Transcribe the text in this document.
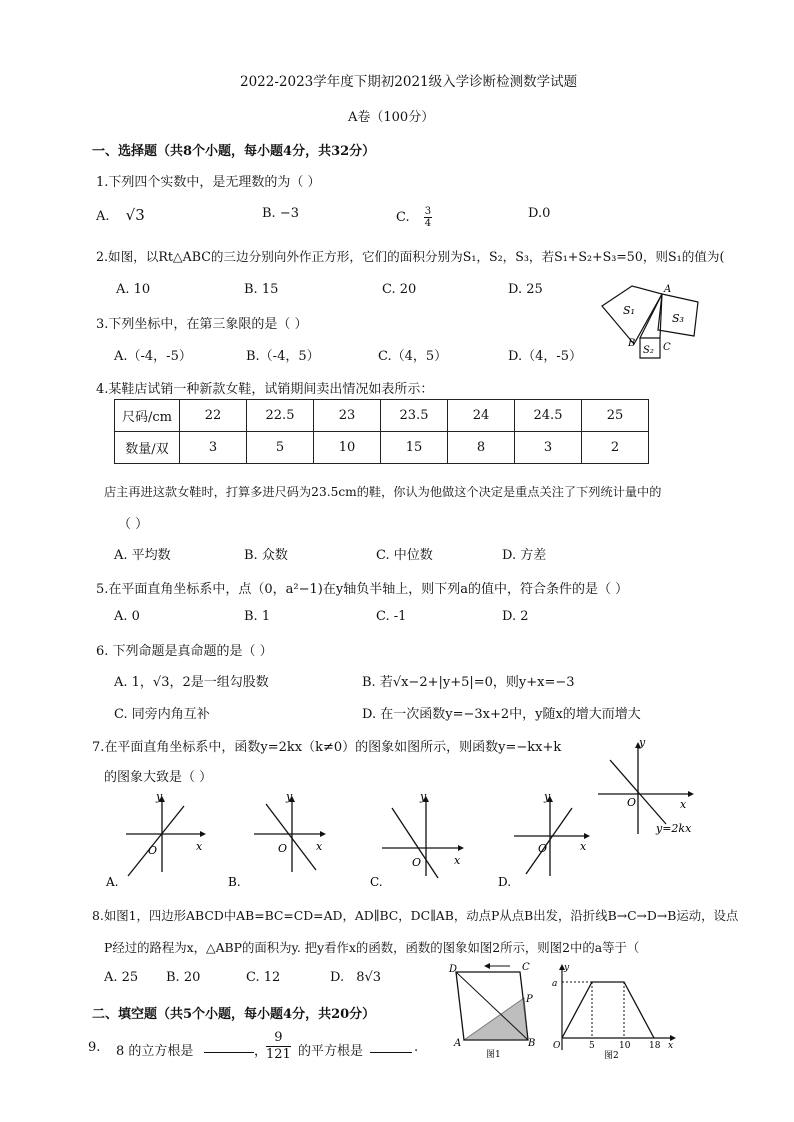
2022-2023学年度下期初2021级入学诊断检测数学试题
A卷（100分）
一、选择题（共8个小题，每小题4分，共32分）
1.下列四个实数中，是无理数的为（ ）
A. √3	B. −3	C. $\frac{3}{4}$	D.0
2.如图，以Rt△ABC的三边分别向外作正方形，它们的面积分别为S₁，S₂，S₃，若S₁+S₂+S₃=50，则S₁的值为(
A. 10	B. 15	C. 20	D. 25
S₁
S₃
S₂
A
B	C
3.下列坐标中，在第三象限的是（ ）
A.（-4，-5）	B.（-4，5）	C.（4，5）	D.（4，-5）
4.某鞋店试销一种新款女鞋，试销期间卖出情况如表所示：
尺码/cm	22	22.5	23	23.5	24	24.5	25
数量/双	3	5	10	15	8	3	2
店主再进这款女鞋时，打算多进尺码为23.5cm的鞋，你认为他做这个决定是重点关注了下列统计量中的
（ ）
A. 平均数	B. 众数	C. 中位数	D. 方差
5.在平面直角坐标系中，点（0，a²−1)在y轴负半轴上，则下列a的值中，符合条件的是（ ）
A. 0	B. 1	C. -1	D. 2
6. 下列命题是真命题的是（ ）
A. 1，√3，2是一组勾股数	B. 若√x−2+|y+5|=0，则y+x=−3
C. 同旁内角互补	D. 在一次函数y=−3x+2中，y随x的增大而增大
7.在平面直角坐标系中，函数y=2kx（k≠0）的图象如图所示，则函数y=−kx+k
的图象大致是（ ）
y
x
O
y=2kx
y
x
O
A.
y
x
O
B.
y
x
O
C.
y
x
O
D.
8.如图1，四边形ABCD中AB=BC=CD=AD，AD∥BC，DC∥AB，动点P从点B出发，沿折线B→C→D→B运动，设点
P经过的路程为x，△ABP的面积为y. 把y看作x的函数，函数的图象如图2所示，则图2中的a等于（
A. 25 B. 20	C. 12	D. 8√3
D	C
P
A	B
图1
y
a
O	5	10 18 x
图2
二、填空题（共5个小题，每小题4分，共20分）
9. 8 的立方根是	，
$\frac{9}{121}$ 的平方根是	.
